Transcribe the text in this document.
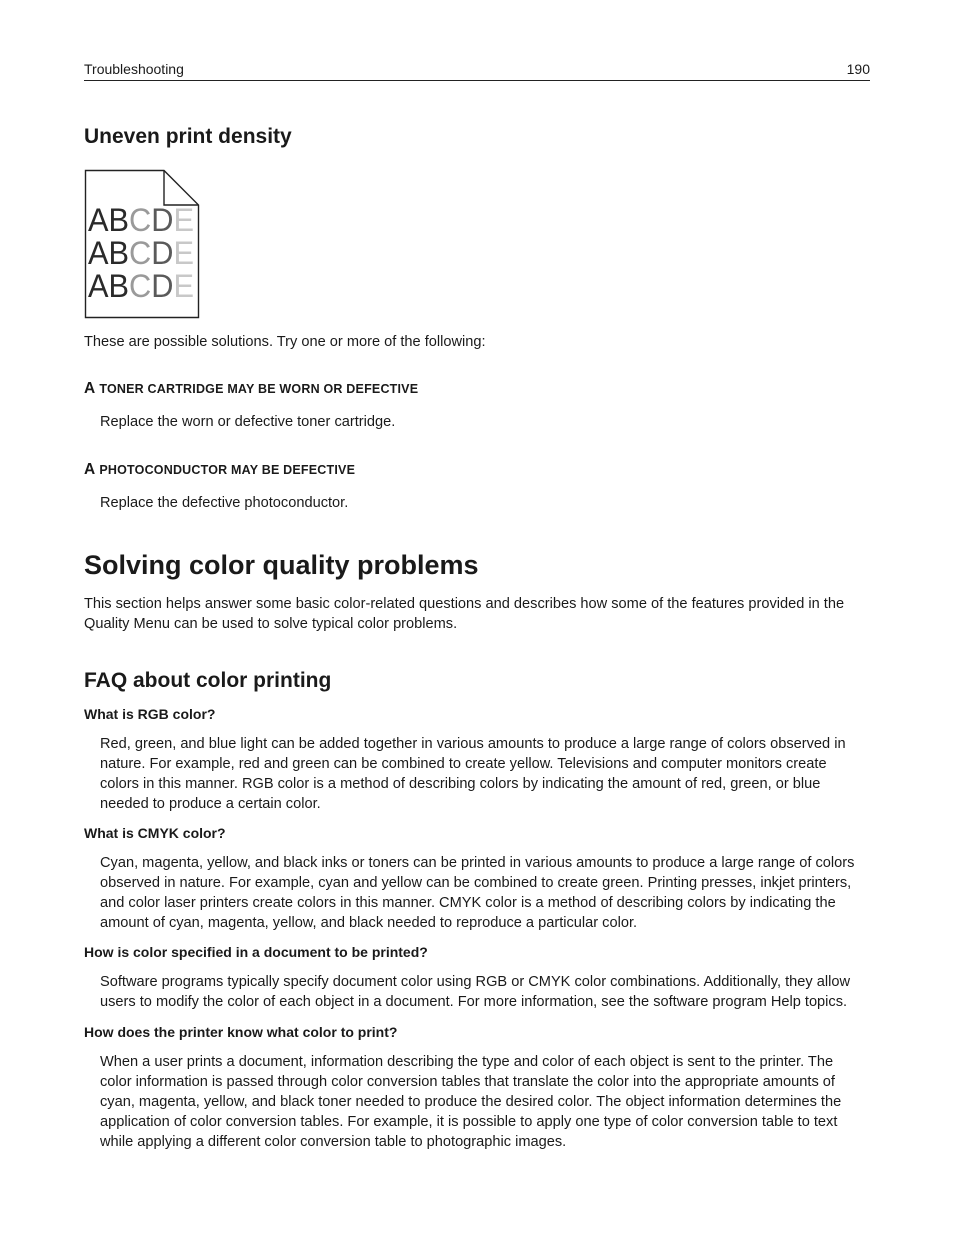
Troubleshooting	190
Uneven print density
ABCDE
ABCDE
ABCDE
These are possible solutions. Try one or more of the following:
A TONER CARTRIDGE MAY BE WORN OR DEFECTIVE
Replace the worn or defective toner cartridge.
A PHOTOCONDUCTOR MAY BE DEFECTIVE
Replace the defective photoconductor.
Solving color quality problems
This section helps answer some basic color-related questions and describes how some of the features provided in the
Quality Menu can be used to solve typical color problems.
FAQ about color printing
What is RGB color?
Red, green, and blue light can be added together in various amounts to produce a large range of colors observed in
nature. For example, red and green can be combined to create yellow. Televisions and computer monitors create
colors in this manner. RGB color is a method of describing colors by indicating the amount of red, green, or blue
needed to produce a certain color.
What is CMYK color?
Cyan, magenta, yellow, and black inks or toners can be printed in various amounts to produce a large range of colors
observed in nature. For example, cyan and yellow can be combined to create green. Printing presses, inkjet printers,
and color laser printers create colors in this manner. CMYK color is a method of describing colors by indicating the
amount of cyan, magenta, yellow, and black needed to reproduce a particular color.
How is color specified in a document to be printed?
Software programs typically specify document color using RGB or CMYK color combinations. Additionally, they allow
users to modify the color of each object in a document. For more information, see the software program Help topics.
How does the printer know what color to print?
When a user prints a document, information describing the type and color of each object is sent to the printer. The
color information is passed through color conversion tables that translate the color into the appropriate amounts of
cyan, magenta, yellow, and black toner needed to produce the desired color. The object information determines the
application of color conversion tables. For example, it is possible to apply one type of color conversion table to text
while applying a different color conversion table to photographic images.
